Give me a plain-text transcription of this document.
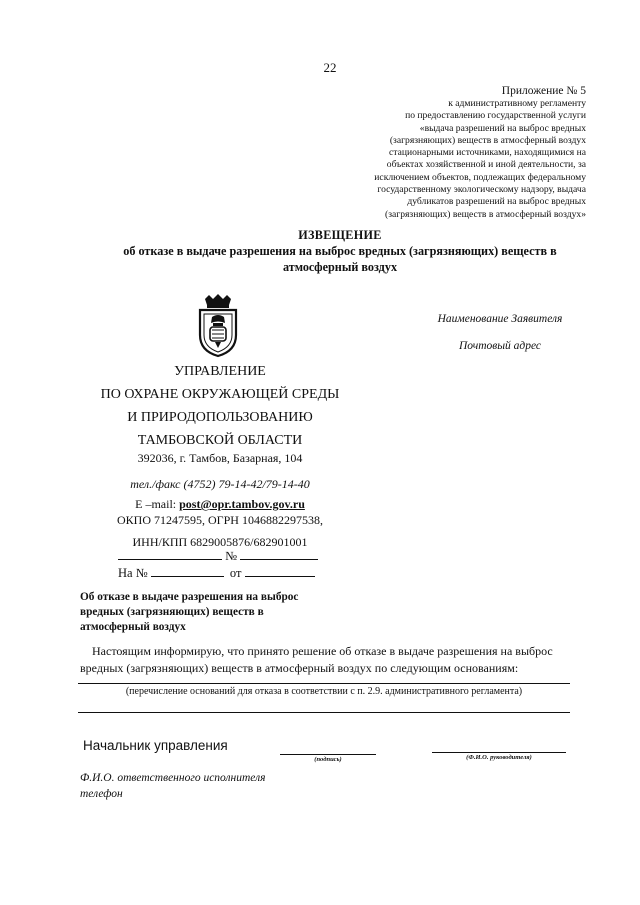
22
Приложение № 5
к административному регламенту
по предоставлению государственной услуги
«выдача разрешений на выброс вредных
(загрязняющих) веществ в атмосферный воздух
стационарными источниками, находящимися на
объектах хозяйственной и иной деятельности, за
исключением объектов, подлежащих федеральному
государственному экологическому надзору, выдача
дубликатов разрешений на выброс вредных
(загрязняющих) веществ в атмосферный воздух»
ИЗВЕЩЕНИЕ
об отказе в выдаче разрешения на выброс вредных (загрязняющих) веществ в
атмосферный воздух
УПРАВЛЕНИЕ
ПО ОХРАНЕ ОКРУЖАЮЩЕЙ СРЕДЫ
И ПРИРОДОПОЛЬЗОВАНИЮ
ТАМБОВСКОЙ ОБЛАСТИ
392036, г. Тамбов, Базарная, 104
тел./факс (4752) 79-14-42/79-14-40
E –mail: post@opr.tambov.gov.ru
ОКПО 71247595, ОГРН 1046882297538,
ИНН/КПП 6829005876/682901001
№
На №	от
Наименование Заявителя
Почтовый адрес
Об отказе в выдаче разрешения на выброс
вредных (загрязняющих) веществ в
атмосферный воздух

Настоящим информирую, что принято решение об отказе в выдаче разрешения на выброс вредных (загрязняющих) веществ в атмосферный воздух по следующим основаниям:

(перечисление оснований для отказа в соответствии с п. 2.9. административного регламента)
Начальник управления
(подпись)	(Ф.И.О. руководителя)
Ф.И.О. ответственного исполнителя
телефон
